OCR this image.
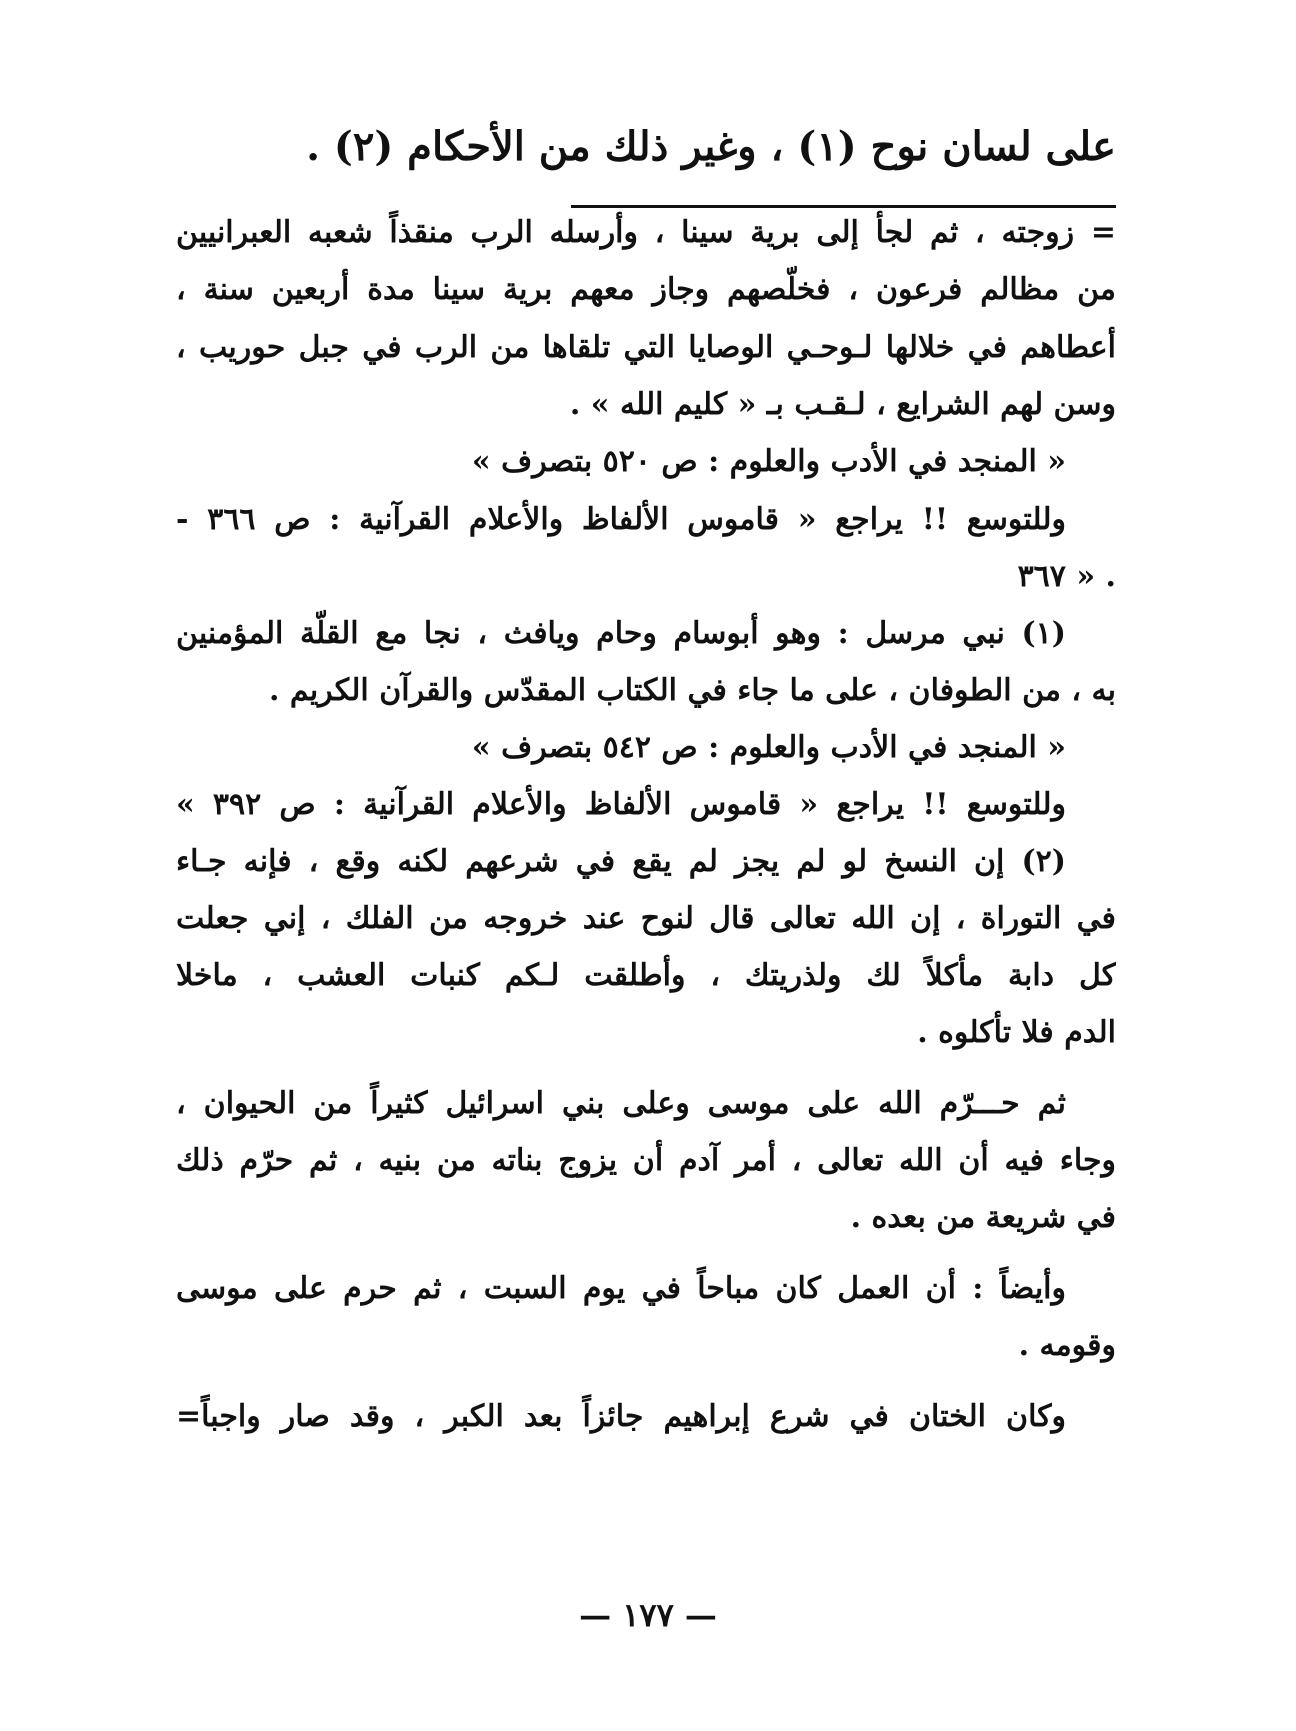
على لسان نوح (١) ، وغير ذلك من الأحكام (٢) .
= زوجته ، ثم لجأ إلى برية سينا ، وأرسله الرب منقذاً شعبه العبرانيين
من مظالم فرعون ، فخلّصهم وجاز معهم برية سينا مدة أربعين سنة ،
أعطاهم في خلالها لـوحـي الوصايا التي تلقاها من الرب في جبل حوريب ،
وسن لهم الشرايع ، لـقـب بـ « كليم الله » .
« المنجد في الأدب والعلوم : ص ٥٢٠ بتصرف »
وللتوسع !! يراجع « قاموس الألفاظ والأعلام القرآنية : ص ٣٦٦ -
٣٦٧ » .
(١) نبي مرسل : وهو أبوسام وحام ويافث ، نجا مع القلّة المؤمنين
به ، من الطوفان ، على ما جاء في الكتاب المقدّس والقرآن الكريم .
« المنجد في الأدب والعلوم : ص ٥٤٢ بتصرف »
وللتوسع !! يراجع « قاموس الألفاظ والأعلام القرآنية : ص ٣٩٢ »
(٢) إن النسخ لو لم يجز لم يقع في شرعهم لكنه وقع ، فإنه جـاء
في التوراة ، إن الله تعالى قال لنوح عند خروجه من الفلك ، إني جعلت
كل دابة مأكلاً لك ولذريتك ، وأطلقت لـكم كنبات العشب ، ماخلا
الدم فلا تأكلوه .
ثم حـــرّم الله على موسى وعلى بني اسرائيل كثيراً من الحيوان ،
وجاء فيه أن الله تعالى ، أمر آدم أن يزوج بناته من بنيه ، ثم حرّم ذلك
في شريعة من بعده .
وأيضاً : أن العمل كان مباحاً في يوم السبت ، ثم حرم على موسى
وقومه .
وكان الختان في شرع إبراهيم جائزاً بعد الكبر ، وقد صار واجباً=
— ١٧٧ —
